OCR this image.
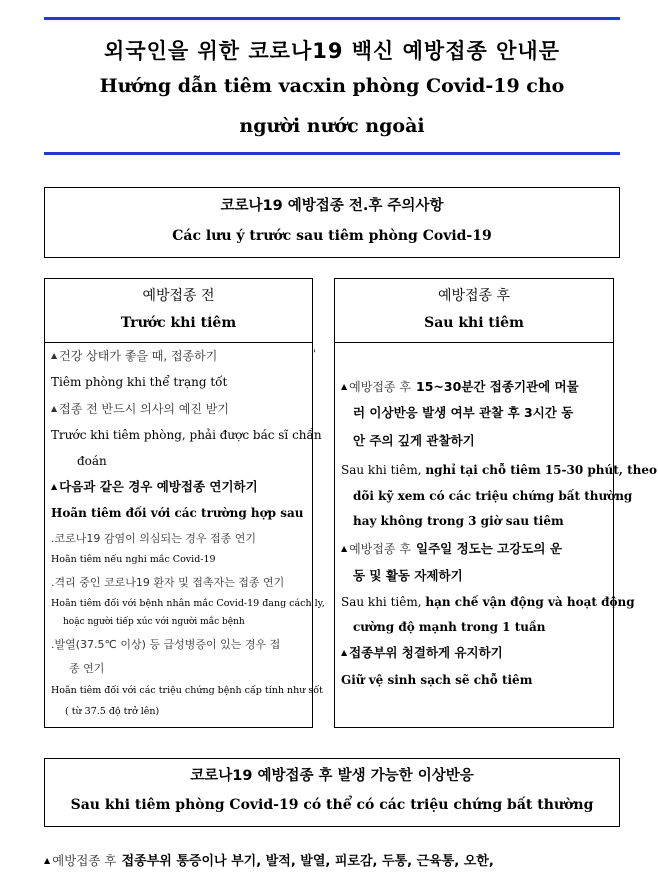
외국인을 위한 코로나19 백신 예방접종 안내문
Hướng dẫn tiêm vacxin phòng Covid-19 cho
người nước ngoài
코로나19 예방접종 전.후 주의사항
Các lưu ý trước sau tiêm phòng Covid-19
예방접종 전
Trước khi tiêm
▲ 건강 상태가 좋을 때, 접종하기
Tiêm phòng khi thể trạng tốt
▲ 접종 전 반드시 의사의 예진 받기
Trước khi tiêm phòng, phải được bác sĩ chẩn
đoán
▲ 다음과 같은 경우 예방접종 연기하기
Hoãn tiêm đối với các trường hợp sau
.코로나19 감염이 의심되는 경우 접종 연기
Hoãn tiêm nếu nghi mắc Covid-19
.격리 중인 코로나19 환자 및 접촉자는 접종 연기
Hoãn tiêm đối với bệnh nhân mắc Covid-19 đang cách ly,
hoặc người tiếp xúc với người mắc bệnh
.발열(37.5℃ 이상) 등 급성병증이 있는 경우 접
종 연기
Hoãn tiêm đối với các triệu chứng bệnh cấp tính như sốt
( từ 37.5 độ trở lên)
'
예방접종 후
Sau khi tiêm
▲ 예방접종 후 15~30분간 접종기관에 머물
러 이상반응 발생 여부 관찰 후 3시간 동
안 주의 깊게 관찰하기
Sau khi tiêm, nghỉ tại chỗ tiêm 15-30 phút, theo
dõi kỹ xem có các triệu chứng bất thường
hay không trong 3 giờ sau tiêm
▲ 예방접종 후 일주일 정도는 고강도의 운
동 및 활동 자제하기
Sau khi tiêm, hạn chế vận động và hoạt động
cường độ mạnh trong 1 tuần
▲ 접종부위 청결하게 유지하기
Giữ vệ sinh sạch sẽ chỗ tiêm
코로나19 예방접종 후 발생 가능한 이상반응
Sau khi tiêm phòng Covid-19 có thể có các triệu chứng bất thường
▲ 예방접종 후 접종부위 통증이나 부기, 발적, 발열, 피로감, 두통, 근육통, 오한,
